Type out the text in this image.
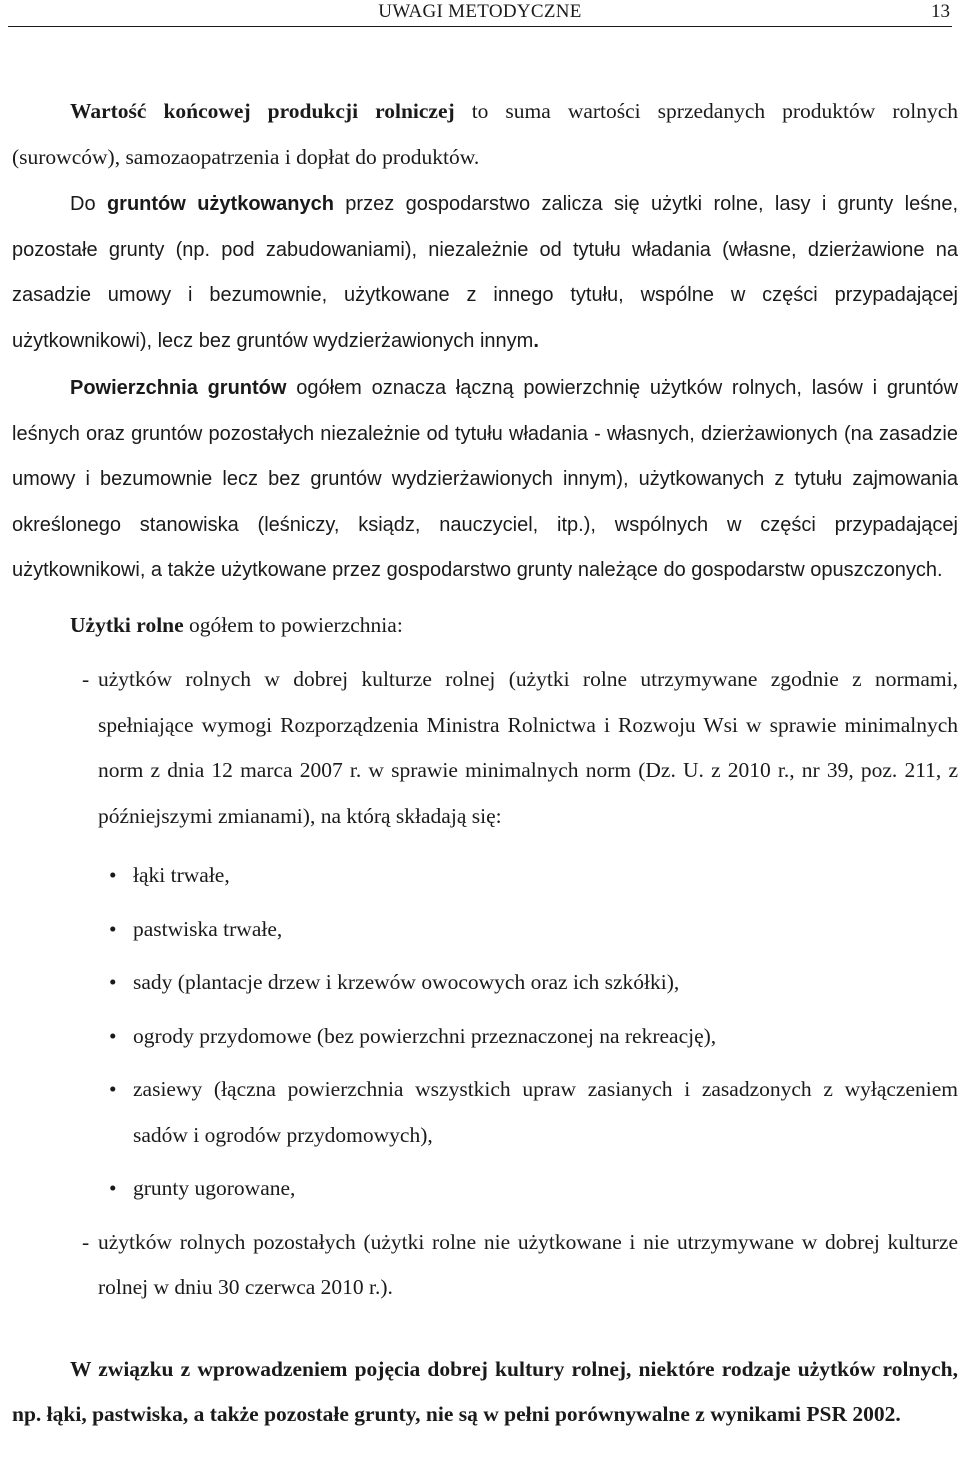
UWAGI METODYCZNE	13

Wartość końcowej produkcji rolniczej to suma wartości sprzedanych produktów rolnych (surowców), samozaopatrzenia i dopłat do produktów.

Do gruntów użytkowanych przez gospodarstwo zalicza się użytki rolne, lasy i grunty leśne, pozostałe grunty (np. pod zabudowaniami), niezależnie od tytułu władania (własne, dzierżawione na zasadzie umowy i bezumownie, użytkowane z innego tytułu, wspólne w części przypadającej użytkownikowi), lecz bez gruntów wydzierżawionych innym.

Powierzchnia gruntów ogółem oznacza łączną powierzchnię użytków rolnych, lasów i gruntów leśnych oraz gruntów pozostałych niezależnie od tytułu władania - własnych, dzierżawionych (na zasadzie umowy i bezumownie lecz bez gruntów wydzierżawionych innym), użytkowanych z tytułu zajmowania określonego stanowiska (leśniczy, ksiądz, nauczyciel, itp.), wspólnych w części przypadającej użytkownikowi, a także użytkowane przez gospodarstwo grunty należące do gospodarstw opuszczonych.

Użytki rolne ogółem to powierzchnia:

- użytków rolnych w dobrej kulturze rolnej (użytki rolne utrzymywane zgodnie z normami, spełniające wymogi Rozporządzenia Ministra Rolnictwa i Rozwoju Wsi w sprawie minimalnych norm z dnia 12 marca 2007 r. w sprawie minimalnych norm (Dz. U. z 2010 r., nr 39, poz. 211, z późniejszymi zmianami), na którą składają się:
• łąki trwałe,
• pastwiska trwałe,
• sady (plantacje drzew i krzewów owocowych oraz ich szkółki),
• ogrody przydomowe (bez powierzchni przeznaczonej na rekreację),
• zasiewy (łączna powierzchnia wszystkich upraw zasianych i zasadzonych z wyłączeniem sadów i ogrodów przydomowych),
• grunty ugorowane,
- użytków rolnych pozostałych (użytki rolne nie użytkowane i nie utrzymywane w dobrej kulturze rolnej w dniu 30 czerwca 2010 r.).

W związku z wprowadzeniem pojęcia dobrej kultury rolnej, niektóre rodzaje użytków rolnych, np. łąki, pastwiska, a także pozostałe grunty, nie są w pełni porównywalne z wynikami PSR 2002.
